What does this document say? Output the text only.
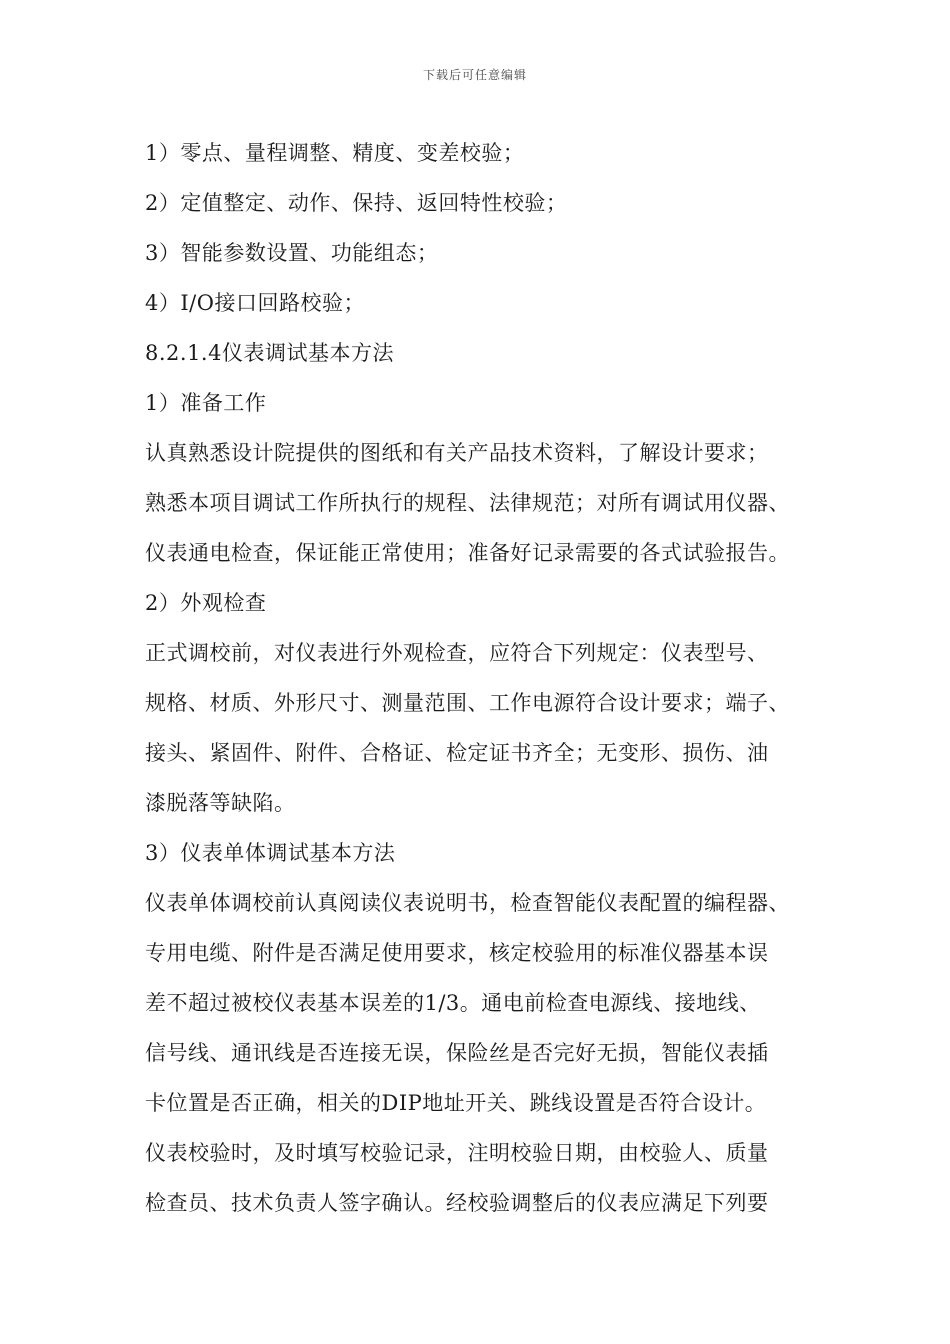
下载后可任意编辑
1）零点、量程调整、精度、变差校验；
2）定值整定、动作、保持、返回特性校验；
3）智能参数设置、功能组态；
4）I/O接口回路校验；
8.2.1.4仪表调试基本方法
1）准备工作
认真熟悉设计院提供的图纸和有关产品技术资料，了解设计要求；
熟悉本项目调试工作所执行的规程、法律规范；对所有调试用仪器、
仪表通电检查，保证能正常使用；准备好记录需要的各式试验报告。
2）外观检查
正式调校前，对仪表进行外观检查，应符合下列规定：仪表型号、
规格、材质、外形尺寸、测量范围、工作电源符合设计要求；端子、
接头、紧固件、附件、合格证、检定证书齐全；无变形、损伤、油
漆脱落等缺陷。
3）仪表单体调试基本方法
仪表单体调校前认真阅读仪表说明书，检查智能仪表配置的编程器、
专用电缆、附件是否满足使用要求，核定校验用的标准仪器基本误
差不超过被校仪表基本误差的1/3。通电前检查电源线、接地线、
信号线、通讯线是否连接无误，保险丝是否完好无损，智能仪表插
卡位置是否正确，相关的DIP地址开关、跳线设置是否符合设计。
仪表校验时，及时填写校验记录，注明校验日期，由校验人、质量
检查员、技术负责人签字确认。经校验调整后的仪表应满足下列要
